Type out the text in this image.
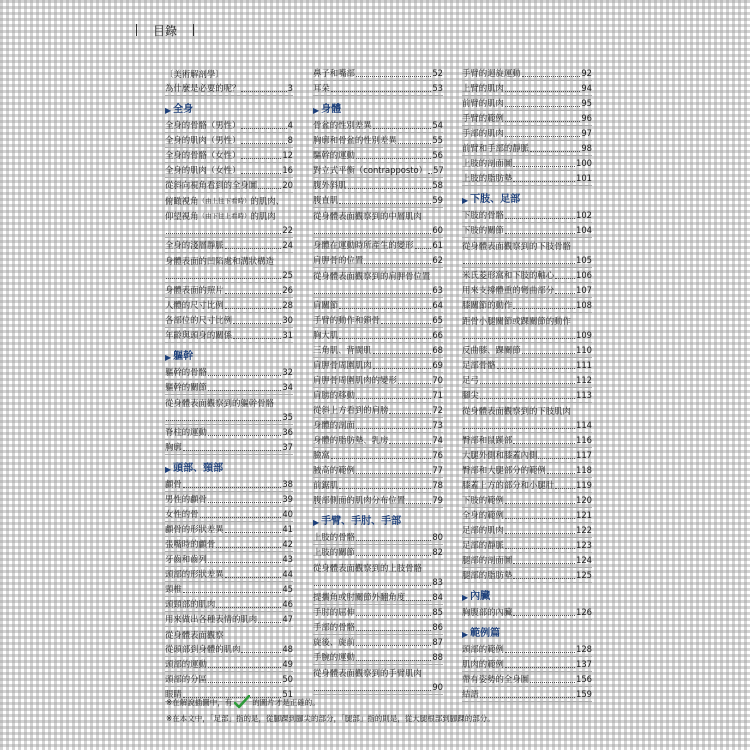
目錄
〔美術解剖學〕
為什麼是必要的呢？	3
▶ 全身
全身的骨骼（男性）	4
全身的肌肉（男性）	8
全身的骨骼（女性）	12
全身的肌肉（女性）	16
從斜向視角看到的全身圖	20
俯瞰視角 （由上往下看時） 的肌肉、
仰望視角 （由下往上看時） 的肌肉
22
全身的淺層靜脈	24
身體表面的凹陷處和溝狀構造
25
身體表面的照片	26
人體的尺寸比例	28
各部位的尺寸比例	30
年齡與頭身的關係	31
▶ 軀幹
軀幹的骨骼	32
軀幹的關節	34
從身體表面觀察到的軀幹骨骼
35
脊柱的運動	36
胸廓	37
▶ 頭部、頸部
顱骨	38
男性的顱骨	39
女性的骨	40
顱骨的形狀差異	41
張嘴時的顱骨	42
牙齒和齒列	43
頭部的形狀差異	44
頸椎	45
頭頸部的肌肉	46
用來做出各種表情的肌肉	47
從身體表面觀察
從頭部到身體的肌肉	48
頭部的運動	49
頭部的分區	50
眼睛	51
鼻子和嘴部	52
耳朵	53
▶ 身體
骨盆的性別差異	54
胸廓和骨盆的性別差異	55
驅幹的運動	56
對立式平衡（contrapposto） 57
腹外斜肌	58
腹直肌	59
從身體表面觀察到的中層肌肉
60
身體在運動時所產生的變形 61
肩胛骨的位置	62
從身體表面觀察到的肩胛骨位置
63
肩關節	64
手臂的動作和鎖骨	65
胸大肌	66
三角肌、背闊肌	68
肩胛骨周圍肌肉	69
肩胛骨周圍肌肉的變形	70
肩膀的移動	71
從斜上方看到的肩膀	72
身體的剖面	73
身體的脂肪墊、乳房	74
臉窩	76
腋高的範例	77
前鋸肌	78
腹部側面的肌肉分布位置	79
▶ 手臂、手肘、手部
上肢的骨骼	80
上肢的關節	82
從身體表面觀察到的上肢骨骼
83
提攜角或肘關節外翻角度	84
手肘的屈伸	85
手部的骨骼	86
旋後、旋前	87
手腕的運動	88
從身體表面觀察到的手臂肌肉
90
手臂的迴旋運動	92
上臂的肌肉	94
前臂的肌肉	95
手臂的範例	96
手部的肌肉	97
前臂和手部的靜脈	98
上肢的剖面圖	100
上肢的脂肪墊	101
▶ 下肢、足部
下肢的骨骼	102
下肢的關節	104
從身體表面觀察到的下肢骨骼
105
米氏菱形窩和下肢的軸心	106
用來支撐體重的彎曲部分	107
膝關節的動作	108
距骨小腿關節或踝關節的動作
109
反曲膝、踝關節	110
足部骨骼	111
足弓	112
腳尖	113
從身體表面觀察到的下肢肌肉
114
臀部和鼠蹊部	116
大腿外側和膝蓋內側	117
臀部和大腿部分的範例	118
膝蓋上方的部分和小腿肚	119
下肢的範例	120
全身的範例	121
足部的肌肉	122
足部的靜脈	123
腿部的剖面圖	124
腿部的脂肪墊	125
▶ 內臟
胸腹部的內臟	126
▶ 範例篇
頭部的範例	128
肌肉的範例	137
帶有姿勢的全身圖	156
結語	159
※在解說插圖中，有	的圖片才是正確的。
※在本文中，「足部」指的是，從腳踝到腳尖的部分，「腿部」指的則是，從大腿根部到腳踝的部分。
